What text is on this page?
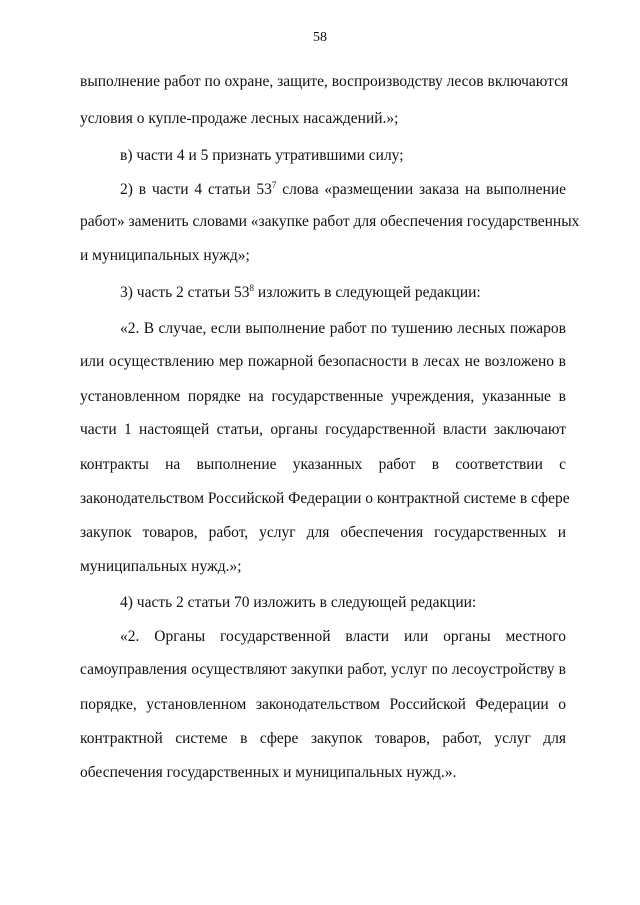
58
выполнение работ по охране, защите, воспроизводству лесов включаются
условия о купле-продаже лесных насаждений.»;
в) части 4 и 5 признать утратившими силу;
2) в части 4 статьи $53^7$ слова «размещении заказа на выполнение
работ» заменить словами «закупке работ для обеспечения государственных
и муниципальных нужд»;
3) часть 2 статьи $53^8$ изложить в следующей редакции:
«2. В случае, если выполнение работ по тушению лесных пожаров
или осуществлению мер пожарной безопасности в лесах не возложено в
установленном порядке на государственные учреждения, указанные в
части 1 настоящей статьи, органы государственной власти заключают
контракты на выполнение указанных работ в соответствии с
законодательством Российской Федерации о контрактной системе в сфере
закупок товаров, работ, услуг для обеспечения государственных и
муниципальных нужд.»;
4) часть 2 статьи 70 изложить в следующей редакции:
«2. Органы государственной власти или органы местного
самоуправления осуществляют закупки работ, услуг по лесоустройству в
порядке, установленном законодательством Российской Федерации о
контрактной системе в сфере закупок товаров, работ, услуг для
обеспечения государственных и муниципальных нужд.».
